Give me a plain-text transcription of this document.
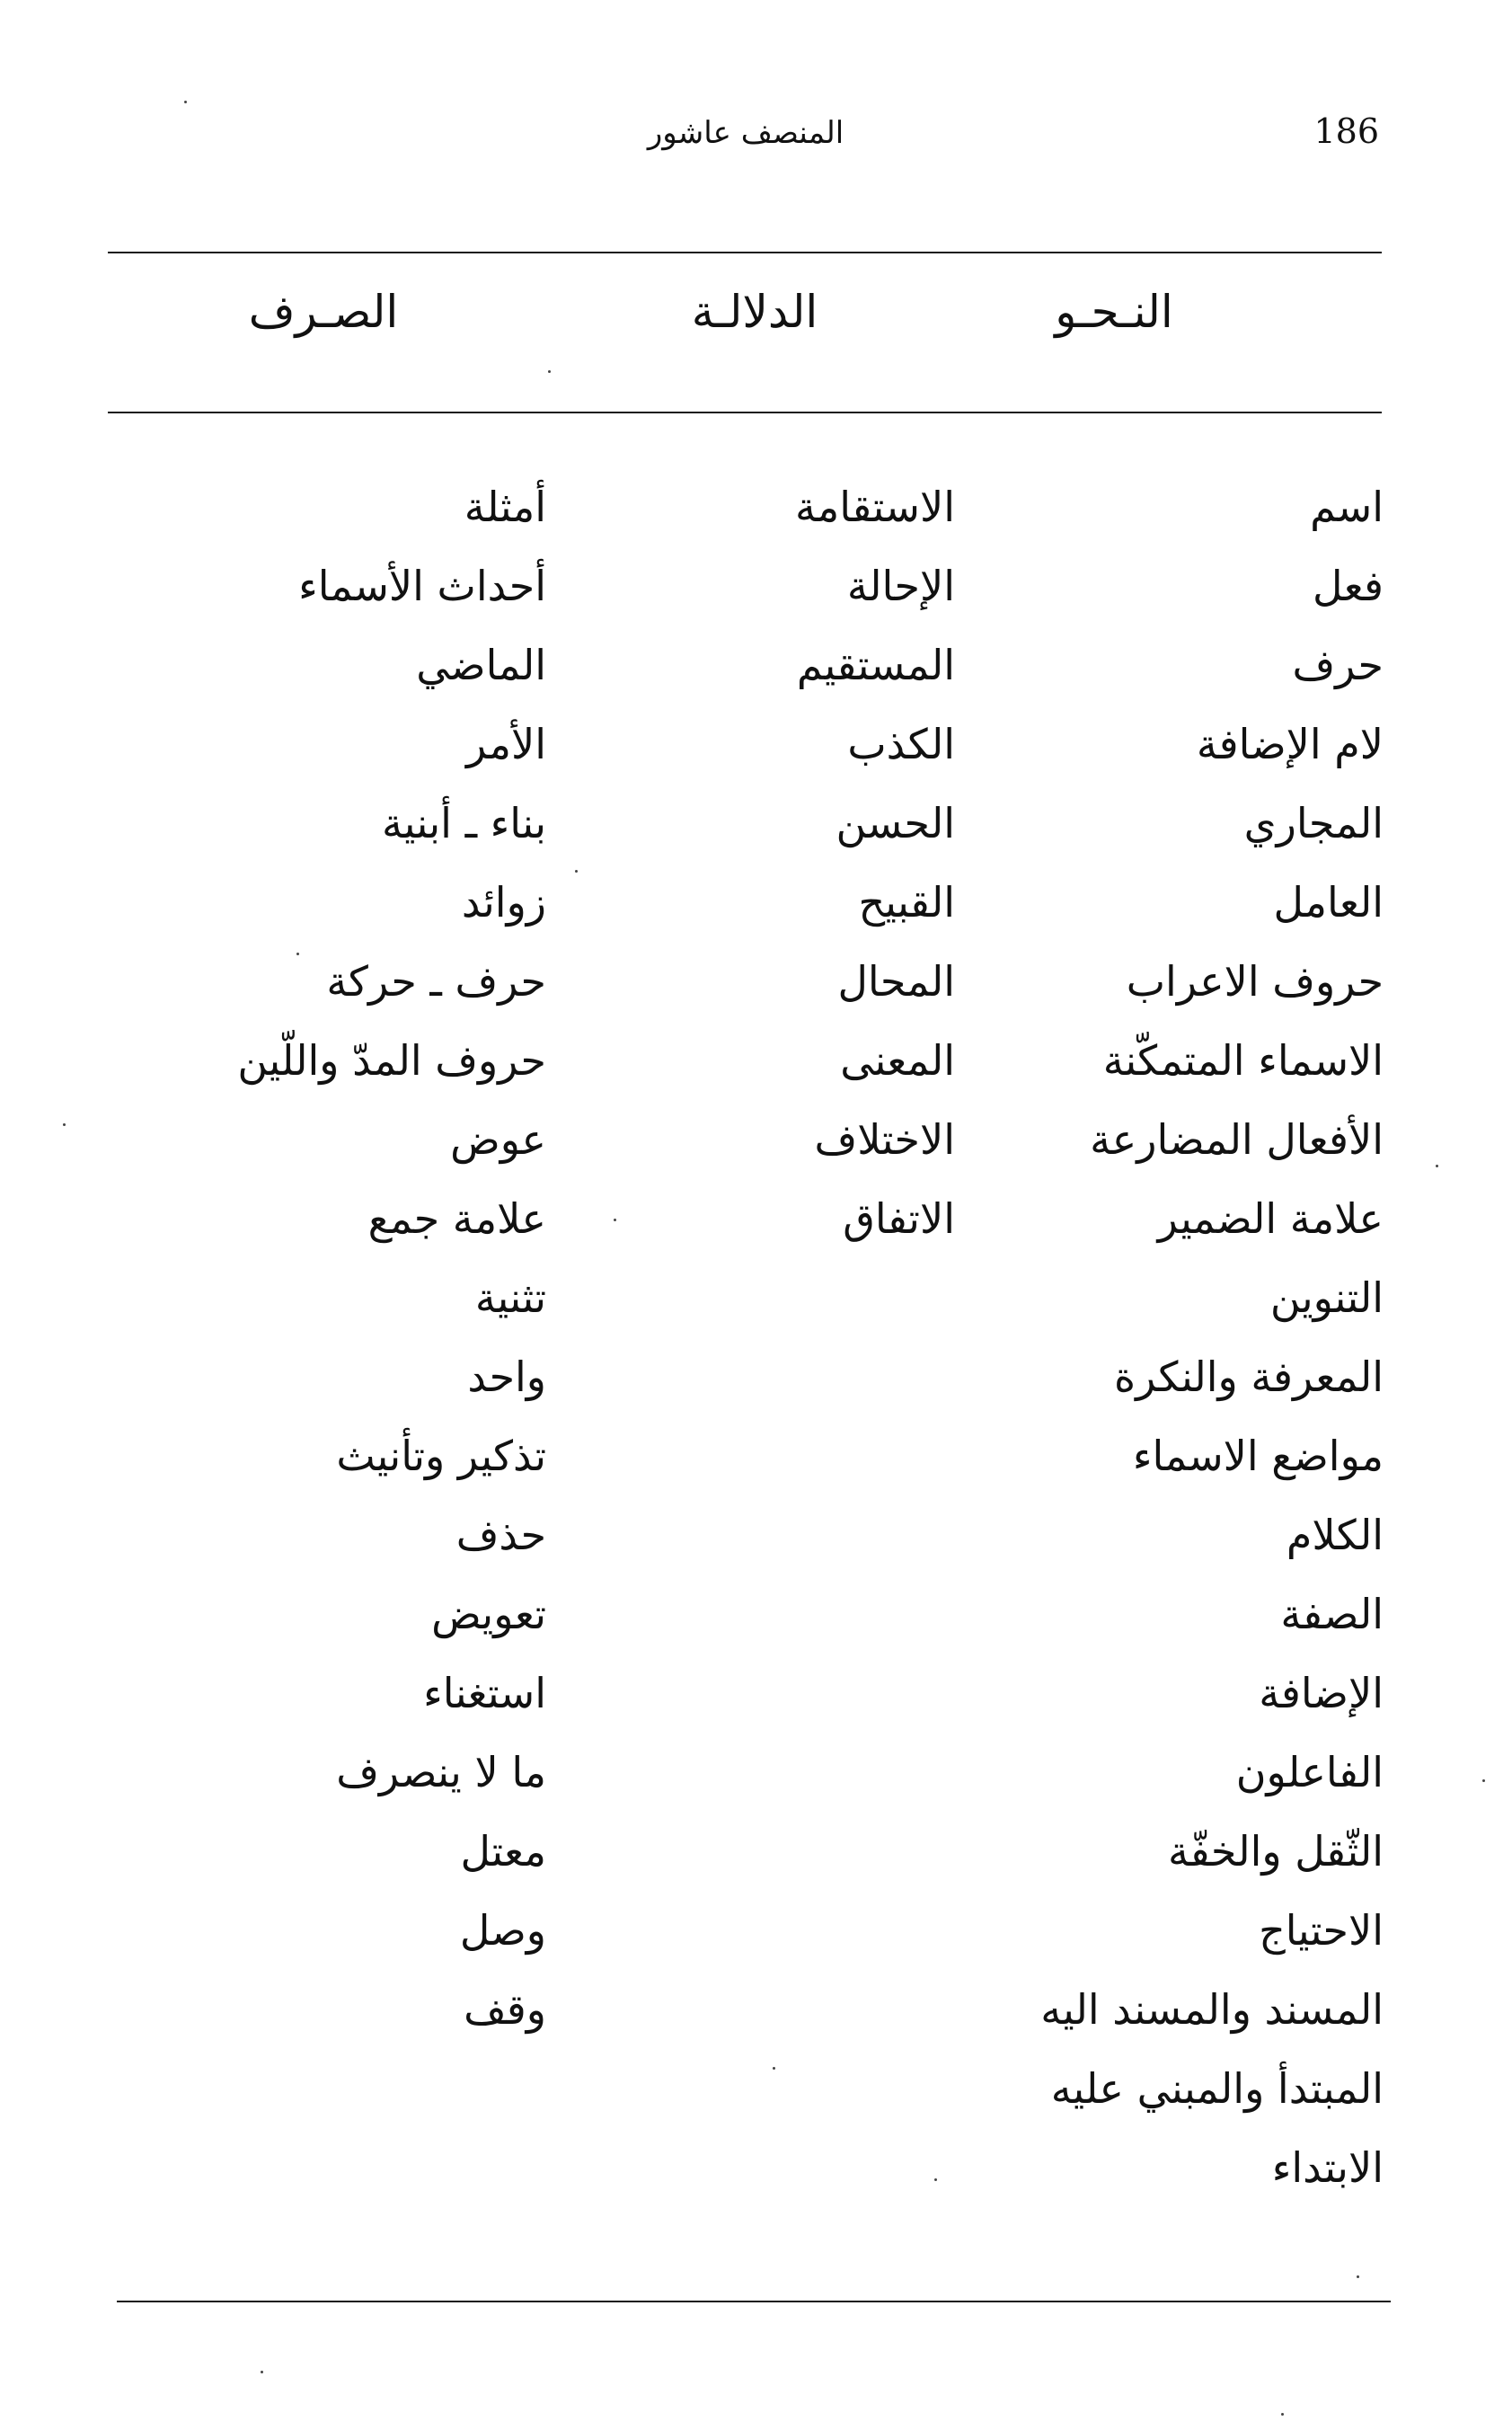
186
المنصف عاشور
النـحـو
الدلالـة
الصـرف
اسم
فعل
حرف
لام الإضافة
المجاري
العامل
حروف الاعراب
الاسماء المتمكّنة
الأفعال المضارعة
علامة الضمير
التنوين
المعرفة والنكرة
مواضع الاسماء
الكلام
الصفة
الإضافة
الفاعلون
الثّقل والخفّة
الاحتياج
المسند والمسند اليه
المبتدأ والمبني عليه
الابتداء
الاستقامة
الإحالة
المستقيم
الكذب
الحسن
القبيح
المحال
المعنى
الاختلاف
الاتفاق
أمثلة
أحداث الأسماء
الماضي
الأمر
بناء ـ أبنية
زوائد
حرف ـ حركة
حروف المدّ واللّين
عوض
علامة جمع
تثنية
واحد
تذكير وتأنيث
حذف
تعويض
استغناء
ما لا ينصرف
معتل
وصل
وقف
